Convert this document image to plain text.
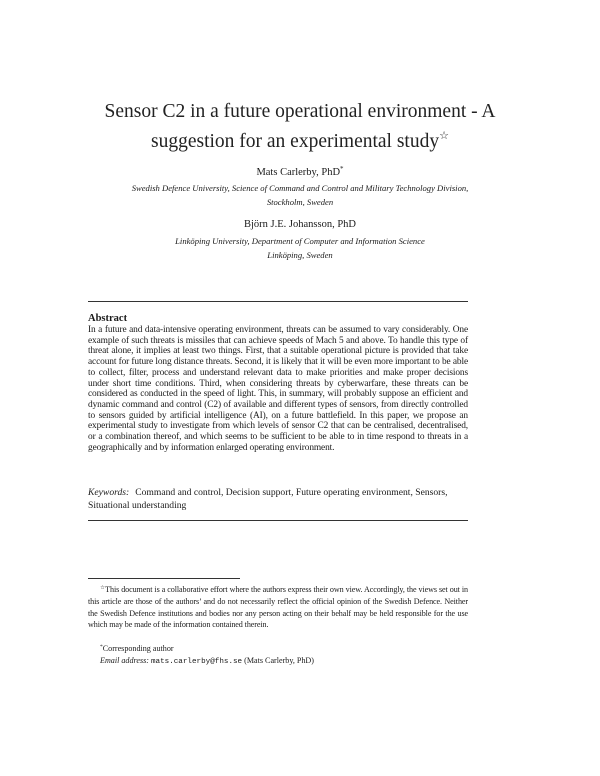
Sensor C2 in a future operational environment - A
suggestion for an experimental study☆
Mats Carlerby, PhD*
Swedish Defence University, Science of Command and Control and Military Technology Division,
Stockholm, Sweden
Björn J.E. Johansson, PhD
Linköping University, Department of Computer and Information Science
Linköping, Sweden
Abstract
In a future and data-intensive operating environment, threats can be assumed to vary considerably. One example of such threats is missiles that can achieve speeds of Mach 5 and above. To handle this type of threat alone, it implies at least two things. First, that a suitable operational picture is provided that take account for future long distance threats. Second, it is likely that it will be even more important to be able to collect, filter, process and understand relevant data to make priorities and make proper decisions under short time conditions. Third, when considering threats by cyberwarfare, these threats can be considered as conducted in the speed of light. This, in summary, will probably suppose an efficient and dynamic command and control (C2) of available and different types of sensors, from directly controlled to sensors guided by artificial intelligence (AI), on a future battlefield. In this paper, we propose an experimental study to investigate from which levels of sensor C2 that can be centralised, decentralised, or a combination thereof, and which seems to be sufficient to be able to in time respond to threats in a geographically and by information enlarged operating environment.
Keywords: Command and control, Decision support, Future operating environment, Sensors, Situational understanding
☆This document is a collaborative effort where the authors express their own view. Accordingly, the views set out in this article are those of the authors’ and do not necessarily reflect the official opinion of the Swedish Defence. Neither the Swedish Defence institutions and bodies nor any person acting on their behalf may be held responsible for the use which may be made of the information contained therein.
*Corresponding author
Email address: mats.carlerby@fhs.se (Mats Carlerby, PhD)
